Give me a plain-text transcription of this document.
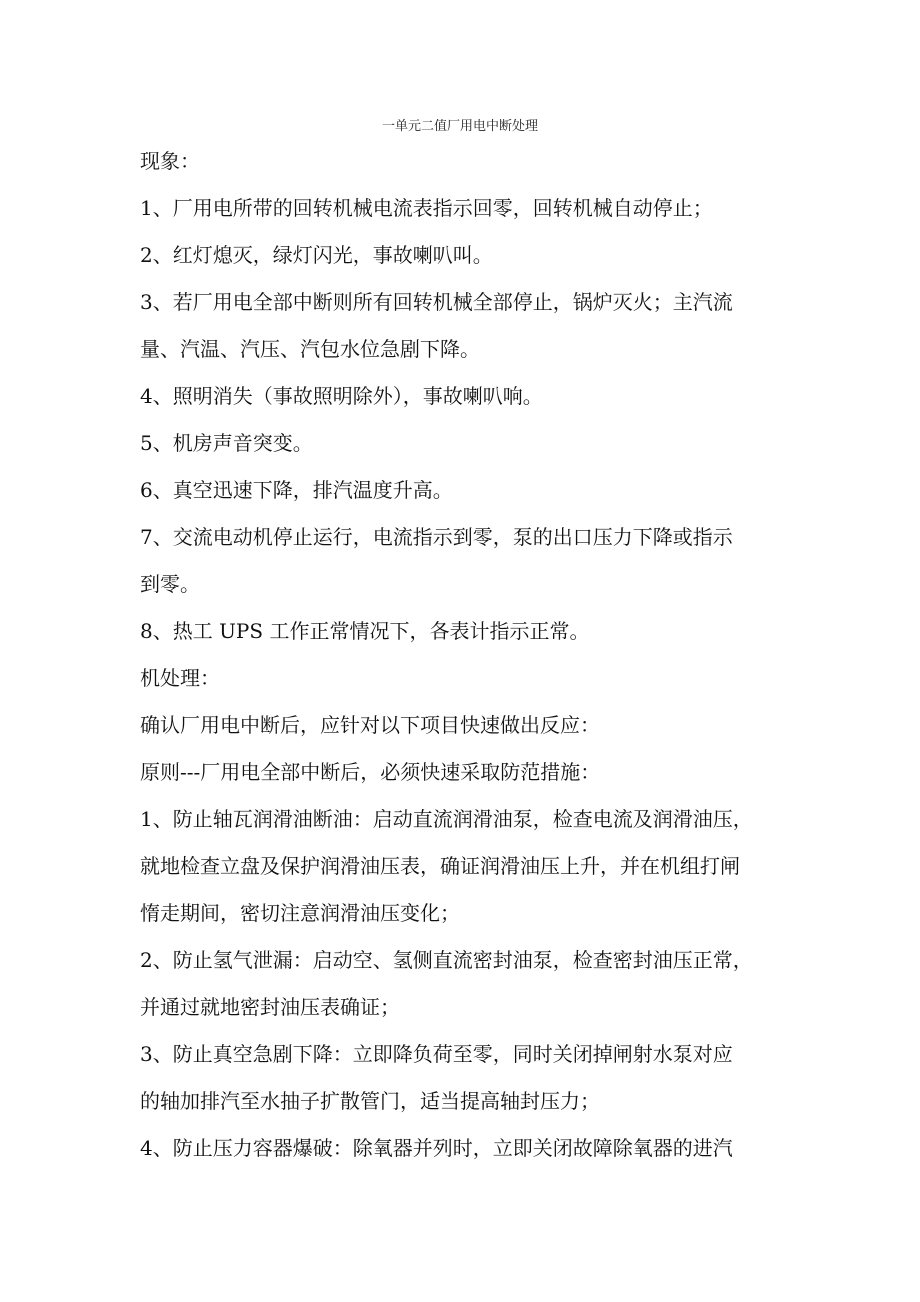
一单元二值厂用电中断处理
现象：
1、厂用电所带的回转机械电流表指示回零，回转机械自动停止；
2、红灯熄灭，绿灯闪光，事故喇叭叫。
3、若厂用电全部中断则所有回转机械全部停止，锅炉灭火；主汽流
量、汽温、汽压、汽包水位急剧下降。
4、照明消失（事故照明除外），事故喇叭响。
5、机房声音突变。
6、真空迅速下降，排汽温度升高。
7、交流电动机停止运行，电流指示到零，泵的出口压力下降或指示
到零。
8、热工 UPS 工作正常情况下，各表计指示正常。
机处理：
确认厂用电中断后，应针对以下项目快速做出反应：
原则---厂用电全部中断后，必须快速采取防范措施：
1、防止轴瓦润滑油断油：启动直流润滑油泵，检查电流及润滑油压，
就地检查立盘及保护润滑油压表，确证润滑油压上升，并在机组打闸
惰走期间，密切注意润滑油压变化；
2、防止氢气泄漏：启动空、氢侧直流密封油泵，检查密封油压正常，
并通过就地密封油压表确证；
3、防止真空急剧下降：立即降负荷至零，同时关闭掉闸射水泵对应
的轴加排汽至水抽子扩散管门，适当提高轴封压力；
4、防止压力容器爆破：除氧器并列时，立即关闭故障除氧器的进汽
